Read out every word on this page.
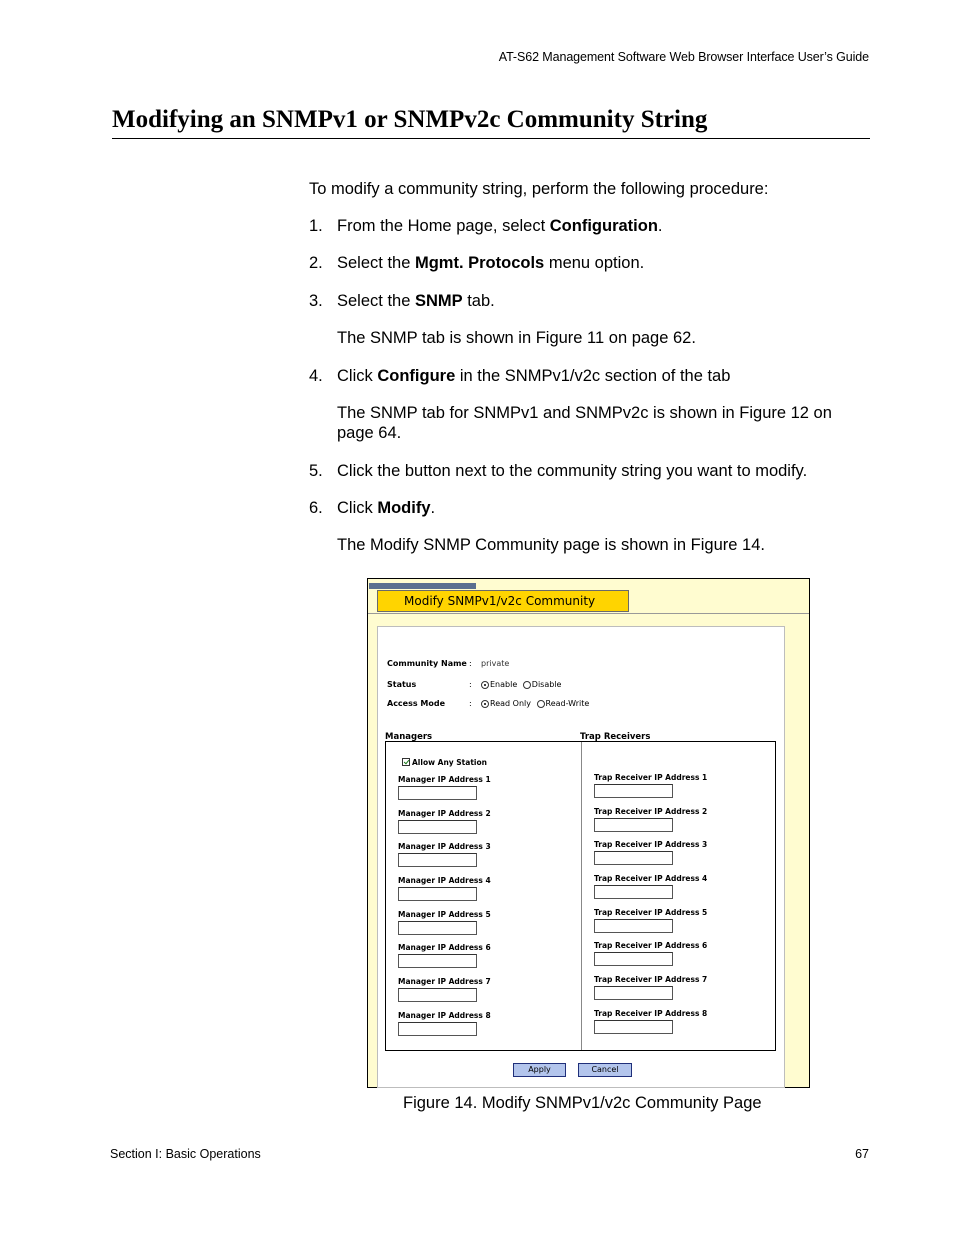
AT-S62 Management Software Web Browser Interface User’s Guide
Modifying an SNMPv1 or SNMPv2c Community String
To modify a community string, perform the following procedure:
1. From the Home page, select Configuration.
2. Select the Mgmt. Protocols menu option.
3. Select the SNMP tab.
The SNMP tab is shown in Figure 11 on page 62.
4. Click Configure in the SNMPv1/v2c section of the tab
The SNMP tab for SNMPv1 and SNMPv2c is shown in Figure 12 on page 64.
5. Click the button next to the community string you want to modify.
6. Click Modify.
The Modify SNMP Community page is shown in Figure 14.
Modify SNMPv1/v2c Community
Community Name : private
Status	:	Enable Disable
Access Mode	:	Read Only Read-Write
Managers	Trap Receivers
Allow Any Station
Manager IP Address 1
Manager IP Address 2
Manager IP Address 3
Manager IP Address 4
Manager IP Address 5
Manager IP Address 6
Manager IP Address 7
Manager IP Address 8
Trap Receiver IP Address 1
Trap Receiver IP Address 2
Trap Receiver IP Address 3
Trap Receiver IP Address 4
Trap Receiver IP Address 5
Trap Receiver IP Address 6
Trap Receiver IP Address 7
Trap Receiver IP Address 8
Apply	Cancel
Figure 14. Modify SNMPv1/v2c Community Page
Section I: Basic Operations	67
